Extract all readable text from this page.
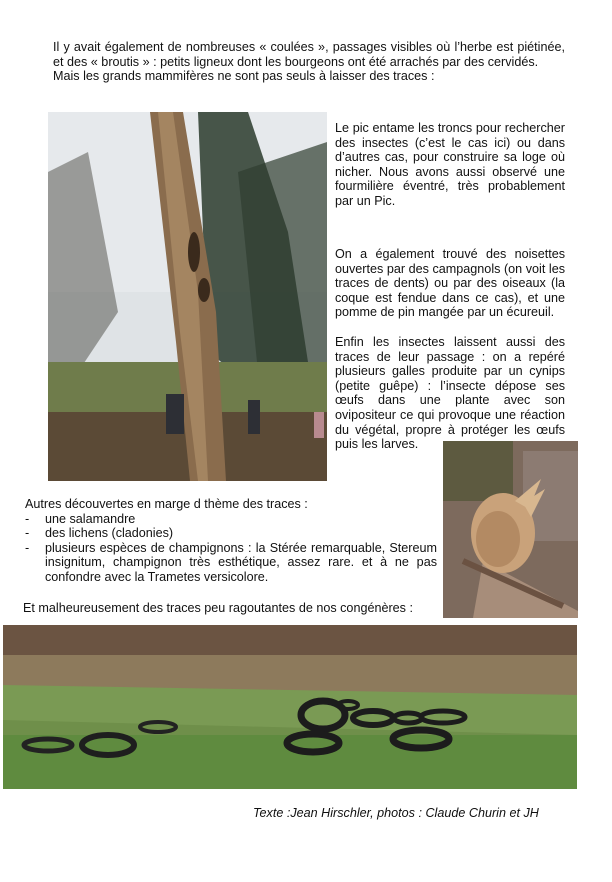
Il y avait également de nombreuses « coulées », passages visibles où l’herbe est piétinée, et des « broutis » : petits ligneux dont les bourgeons ont été arrachés par des cervidés.

Mais les grands mammifères ne sont pas seuls à laisser des traces :

Le pic entame les troncs pour rechercher des insectes (c’est le cas ici) ou dans d’autres cas, pour construire sa loge où nicher. Nous avons aussi observé une fourmilière éventré, très probablement par un Pic.

On a également trouvé des noisettes ouvertes par des campagnols (on voit les traces de dents) ou par des oiseaux (la coque est fendue dans ce cas), et une pomme de pin mangée par un écureuil.

Enfin les insectes laissent aussi des traces de leur passage : on a repéré plusieurs galles produite par un cynips (petite guêpe) : l’insecte dépose ses œufs dans une plante avec son ovipositeur ce qui provoque une réaction du végétal, propre à protéger les œufs puis les larves.

Autres découvertes en marge d thème des traces :
- une salamandre
- des lichens (cladonies)
- plusieurs espèces de champignons : la Stérée remarquable, Stereum insignitum, champignon très esthétique, assez rare. et à ne pas confondre avec la Trametes versicolore.
Et malheureusement des traces peu ragoutantes de nos congénères :
Texte :Jean Hirschler, photos : Claude Churin et JH
